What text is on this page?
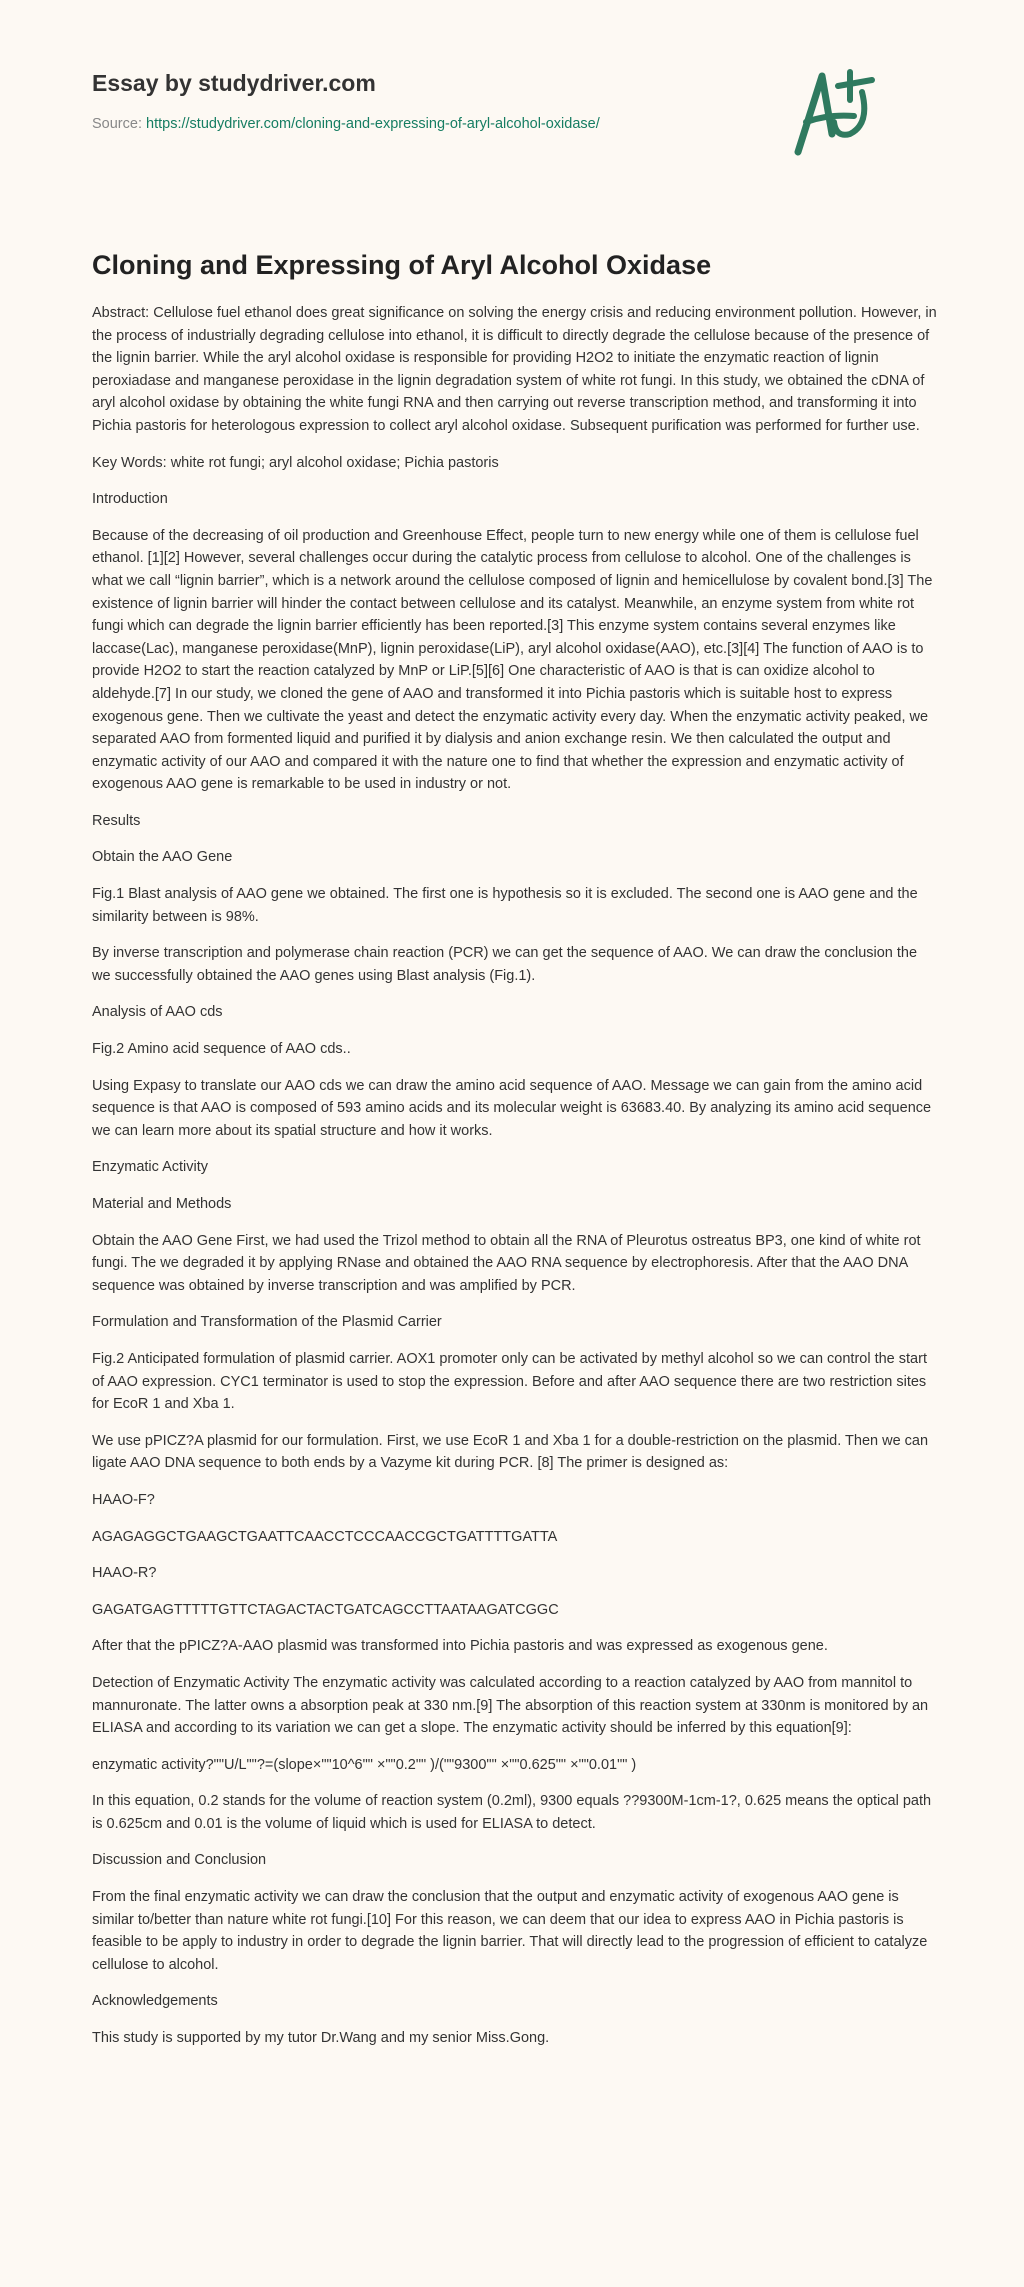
Essay by studydriver.com
Source: https://studydriver.com/cloning-and-expressing-of-aryl-alcohol-oxidase/
Cloning and Expressing of Aryl Alcohol Oxidase

Abstract: Cellulose fuel ethanol does great significance on solving the energy crisis and reducing environment pollution. However, in the process of industrially degrading cellulose into ethanol, it is difficult to directly degrade the cellulose because of the presence of the lignin barrier. While the aryl alcohol oxidase is responsible for providing H2O2 to initiate the enzymatic reaction of lignin peroxiadase and manganese peroxidase in the lignin degradation system of white rot fungi. In this study, we obtained the cDNA of aryl alcohol oxidase by obtaining the white fungi RNA and then carrying out reverse transcription method, and transforming it into Pichia pastoris for heterologous expression to collect aryl alcohol oxidase. Subsequent purification was performed for further use.

Key Words: white rot fungi; aryl alcohol oxidase; Pichia pastoris

Introduction

Because of the decreasing of oil production and Greenhouse Effect, people turn to new energy while one of them is cellulose fuel ethanol. [1][2] However, several challenges occur during the catalytic process from cellulose to alcohol. One of the challenges is what we call “lignin barrier”, which is a network around the cellulose composed of lignin and hemicellulose by covalent bond.[3] The existence of lignin barrier will hinder the contact between cellulose and its catalyst. Meanwhile, an enzyme system from white rot fungi which can degrade the lignin barrier efficiently has been reported.[3] This enzyme system contains several enzymes like laccase(Lac), manganese peroxidase(MnP), lignin peroxidase(LiP), aryl alcohol oxidase(AAO), etc.[3][4] The function of AAO is to provide H2O2 to start the reaction catalyzed by MnP or LiP.[5][6] One characteristic of AAO is that is can oxidize alcohol to aldehyde.[7] In our study, we cloned the gene of AAO and transformed it into Pichia pastoris which is suitable host to express exogenous gene. Then we cultivate the yeast and detect the enzymatic activity every day. When the enzymatic activity peaked, we separated AAO from formented liquid and purified it by dialysis and anion exchange resin. We then calculated the output and enzymatic activity of our AAO and compared it with the nature one to find that whether the expression and enzymatic activity of exogenous AAO gene is remarkable to be used in industry or not.

Results

Obtain the AAO Gene

Fig.1 Blast analysis of AAO gene we obtained. The first one is hypothesis so it is excluded. The second one is AAO gene and the similarity between is 98%.

By inverse transcription and polymerase chain reaction (PCR) we can get the sequence of AAO. We can draw the conclusion the we successfully obtained the AAO genes using Blast analysis (Fig.1).

Analysis of AAO cds

Fig.2 Amino acid sequence of AAO cds..

Using Expasy to translate our AAO cds we can draw the amino acid sequence of AAO. Message we can gain from the amino acid sequence is that AAO is composed of 593 amino acids and its molecular weight is 63683.40. By analyzing its amino acid sequence we can learn more about its spatial structure and how it works.

Enzymatic Activity

Material and Methods

Obtain the AAO Gene First, we had used the Trizol method to obtain all the RNA of Pleurotus ostreatus BP3, one kind of white rot fungi. The we degraded it by applying RNase and obtained the AAO RNA sequence by electrophoresis. After that the AAO DNA sequence was obtained by inverse transcription and was amplified by PCR.

Formulation and Transformation of the Plasmid Carrier

Fig.2 Anticipated formulation of plasmid carrier. AOX1 promoter only can be activated by methyl alcohol so we can control the start of AAO expression. CYC1 terminator is used to stop the expression. Before and after AAO sequence there are two restriction sites for EcoR 1 and Xba 1.

We use pPICZ?A plasmid for our formulation. First, we use EcoR 1 and Xba 1 for a double-restriction on the plasmid. Then we can ligate AAO DNA sequence to both ends by a Vazyme kit during PCR. [8] The primer is designed as:

HAAO-F?

AGAGAGGCTGAAGCTGAATTCAACCTCCCAACCGCTGATTTTGATTA

HAAO-R?

GAGATGAGTTTTTGTTCTAGACTACTGATCAGCCTTAATAAGATCGGC

After that the pPICZ?A-AAO plasmid was transformed into Pichia pastoris and was expressed as exogenous gene.

Detection of Enzymatic Activity The enzymatic activity was calculated according to a reaction catalyzed by AAO from mannitol to mannuronate. The latter owns a absorption peak at 330 nm.[9] The absorption of this reaction system at 330nm is monitored by an ELIASA and according to its variation we can get a slope. The enzymatic activity should be inferred by this equation[9]:

enzymatic activity?""U/L""?=(slope×""10^6"" ×""0.2"" )/(""9300"" ×""0.625"" ×""0.01"" )

In this equation, 0.2 stands for the volume of reaction system (0.2ml), 9300 equals ??9300M-1cm-1?, 0.625 means the optical path is 0.625cm and 0.01 is the volume of liquid which is used for ELIASA to detect.

Discussion and Conclusion

From the final enzymatic activity we can draw the conclusion that the output and enzymatic activity of exogenous AAO gene is similar to/better than nature white rot fungi.[10] For this reason, we can deem that our idea to express AAO in Pichia pastoris is feasible to be apply to industry in order to degrade the lignin barrier. That will directly lead to the progression of efficient to catalyze cellulose to alcohol.

Acknowledgements

This study is supported by my tutor Dr.Wang and my senior Miss.Gong.
